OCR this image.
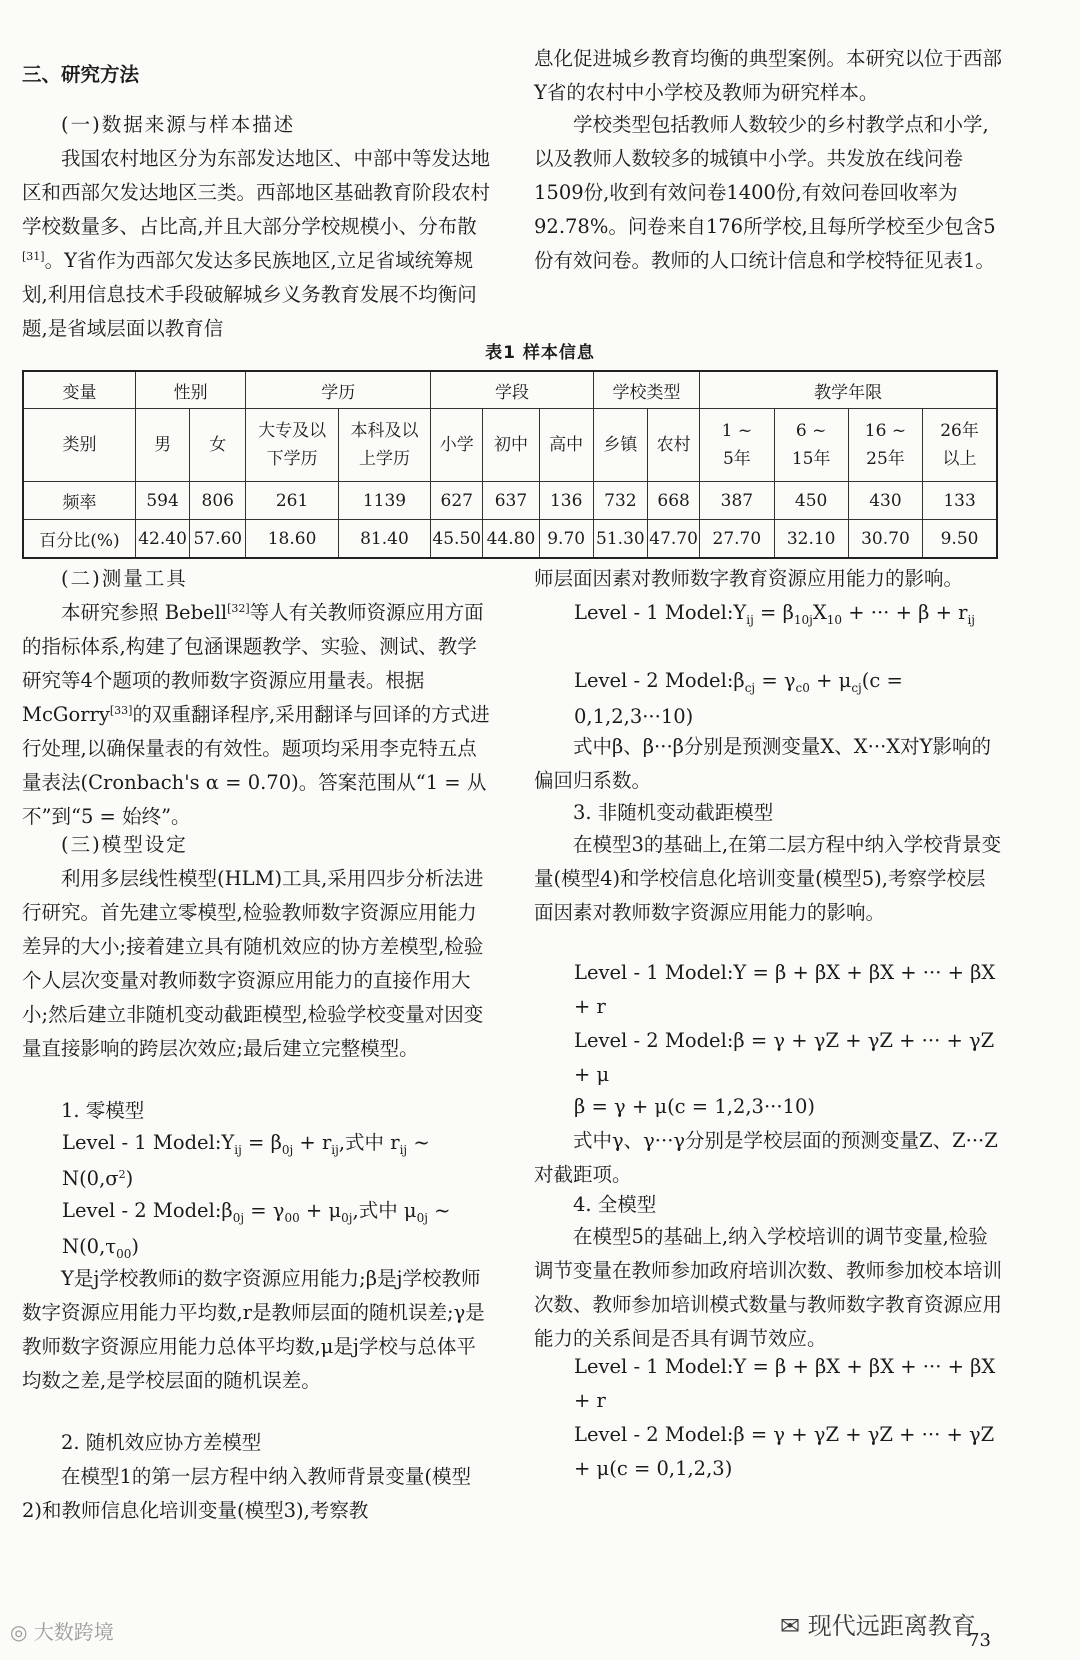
三、研究方法

(一)数据来源与样本描述

我国农村地区分为东部发达地区、中部中等发达地区和西部欠发达地区三类。西部地区基础教育阶段农村学校数量多、占比高,并且大部分学校规模小、分布散[31]。Y省作为西部欠发达多民族地区,立足省域统筹规划,利用信息技术手段破解城乡义务教育发展不均衡问题,是省域层面以教育信

(二)测量工具

本研究参照 Bebell[32]等人有关教师资源应用方面的指标体系,构建了包涵课题教学、实验、测试、教学研究等4个题项的教师数字资源应用量表。根据 McGorry[33]的双重翻译程序,采用翻译与回译的方式进行处理,以确保量表的有效性。题项均采用李克特五点量表法(Cronbach's α = 0.70)。答案范围从“1 = 从不”到“5 = 始终”。

(三)模型设定

利用多层线性模型(HLM)工具,采用四步分析法进行研究。首先建立零模型,检验教师数字资源应用能力差异的大小;接着建立具有随机效应的协方差模型,检验个人层次变量对教师数字资源应用能力的直接作用大小;然后建立非随机变动截距模型,检验学校变量对因变量直接影响的跨层次效应;最后建立完整模型。

1. 零模型

Level - 1 $Model:Y_{ij} = \beta_{0j} + r_{ij}$,式中 $r_{ij}$ ~ $N(0,\sigma^2)$

Level - 2 $Model:\beta_{0j} = \gamma_{00} + \mu_{0j}$,式中 $\mu_{0j}$ ~ $N(0,\tau_{00})$

Y是j学校教师i的数字资源应用能力;β是j学校教师数字资源应用能力平均数,r是教师层面的随机误差;γ是教师数字资源应用能力总体平均数,μ是j学校与总体平均数之差,是学校层面的随机误差。

2. 随机效应协方差模型

在模型1的第一层方程中纳入教师背景变量(模型2)和教师信息化培训变量(模型3),考察教

息化促进城乡教育均衡的典型案例。本研究以位于西部Y省的农村中小学校及教师为研究样本。

学校类型包括教师人数较少的乡村教学点和小学,以及教师人数较多的城镇中小学。共发放在线问卷1509份,收到有效问卷1400份,有效问卷回收率为92.78%。问卷来自176所学校,且每所学校至少包含5份有效问卷。教师的人口统计信息和学校特征见表1。

师层面因素对教师数字教育资源应用能力的影响。

Level - 1 $Model:Y_{ij} = \beta_{10j}X_{10}$ + ··· + $\beta + r_{ij}$

Level - 2 $Model:\beta_{cj} = \gamma_{c0} + \mu_{cj}(c = 0,1,2,3\cdot\cdot\cdot 10)$

式中β、β···β分别是预测变量X、X···X对Y影响的偏回归系数。

3. 非随机变动截距模型

在模型3的基础上,在第二层方程中纳入学校背景变量(模型4)和学校信息化培训变量(模型5),考察学校层面因素对教师数字资源应用能力的影响。

Level - 1 Model:Y = β + βX + βX + ··· + βX + r

Level - 2 Model:β = γ + γZ + γZ + ··· + γZ + μ

β = γ + μ(c = 1,2,3···10)

式中γ、γ···γ分别是学校层面的预测变量Z、Z···Z对截距项。

4. 全模型

在模型5的基础上,纳入学校培训的调节变量,检验调节变量在教师参加政府培训次数、教师参加校本培训次数、教师参加培训模式数量与教师数字教育资源应用能力的关系间是否具有调节效应。

Level - 1 Model:Y = β + βX + βX + ··· + βX + r

Level - 2 Model:β = γ + γZ + γZ + ··· + γZ + μ(c = 0,1,2,3)

表1 样本信息
变量	性别		学历		学段			学校类型		教学年限			
类别	男	女	大专及以下学历	本科及以上学历	小学	初中	高中	乡镇	农村	1 ~ 5年	6 ~ 15年	16 ~ 25年	26年以上
频率	594	806	261	1139	627	637	136	732	668	387	450	430	133
百分比(%)	42.40	57.60	18.60	81.40	45.50	44.80	9.70	51.30	47.70	27.70	32.10	30.70	9.50
◎ 大数跨境	✉ 现代远距离教育
73
